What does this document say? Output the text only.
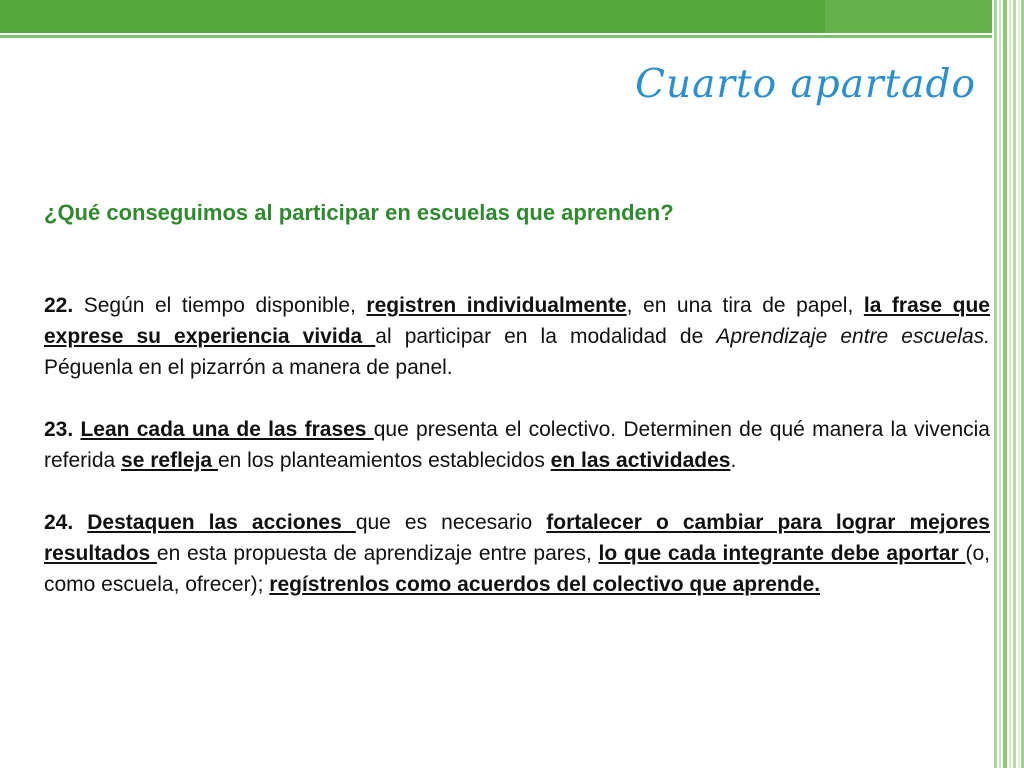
Cuarto apartado
¿Qué conseguimos al participar en escuelas que aprenden?

22. Según el tiempo disponible, registren individualmente, en una tira de papel, la frase que exprese su experiencia vivida al participar en la modalidad de Aprendizaje entre escuelas. Péguenla en el pizarrón a manera de panel.

23. Lean cada una de las frases que presenta el colectivo. Determinen de qué manera la vivencia referida se refleja en los planteamientos establecidos en las actividades.

24. Destaquen las acciones que es necesario fortalecer o cambiar para lograr mejores resultados en esta propuesta de aprendizaje entre pares, lo que cada integrante debe aportar (o, como escuela, ofrecer); regístrenlos como acuerdos del colectivo que aprende.
